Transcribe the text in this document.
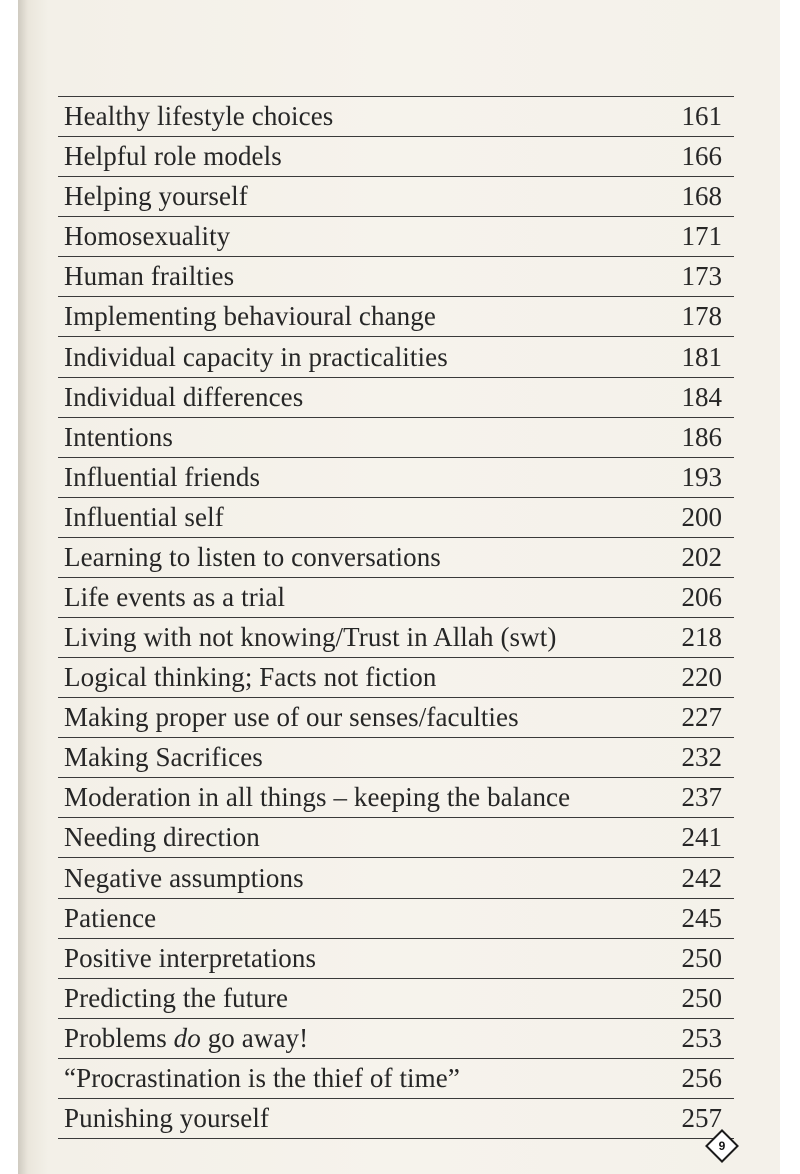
Healthy lifestyle choices	161
Helpful role models	166
Helping yourself	168
Homosexuality	171
Human frailties	173
Implementing behavioural change	178
Individual capacity in practicalities	181
Individual differences	184
Intentions	186
Influential friends	193
Influential self	200
Learning to listen to conversations	202
Life events as a trial	206
Living with not knowing/Trust in Allah (swt)	218
Logical thinking; Facts not fiction	220
Making proper use of our senses/faculties	227
Making Sacrifices	232
Moderation in all things – keeping the balance	237
Needing direction	241
Negative assumptions	242
Patience	245
Positive interpretations	250
Predicting the future	250
Problems do go away!	253
“Procrastination is the thief of time”	256
Punishing yourself	257
9
